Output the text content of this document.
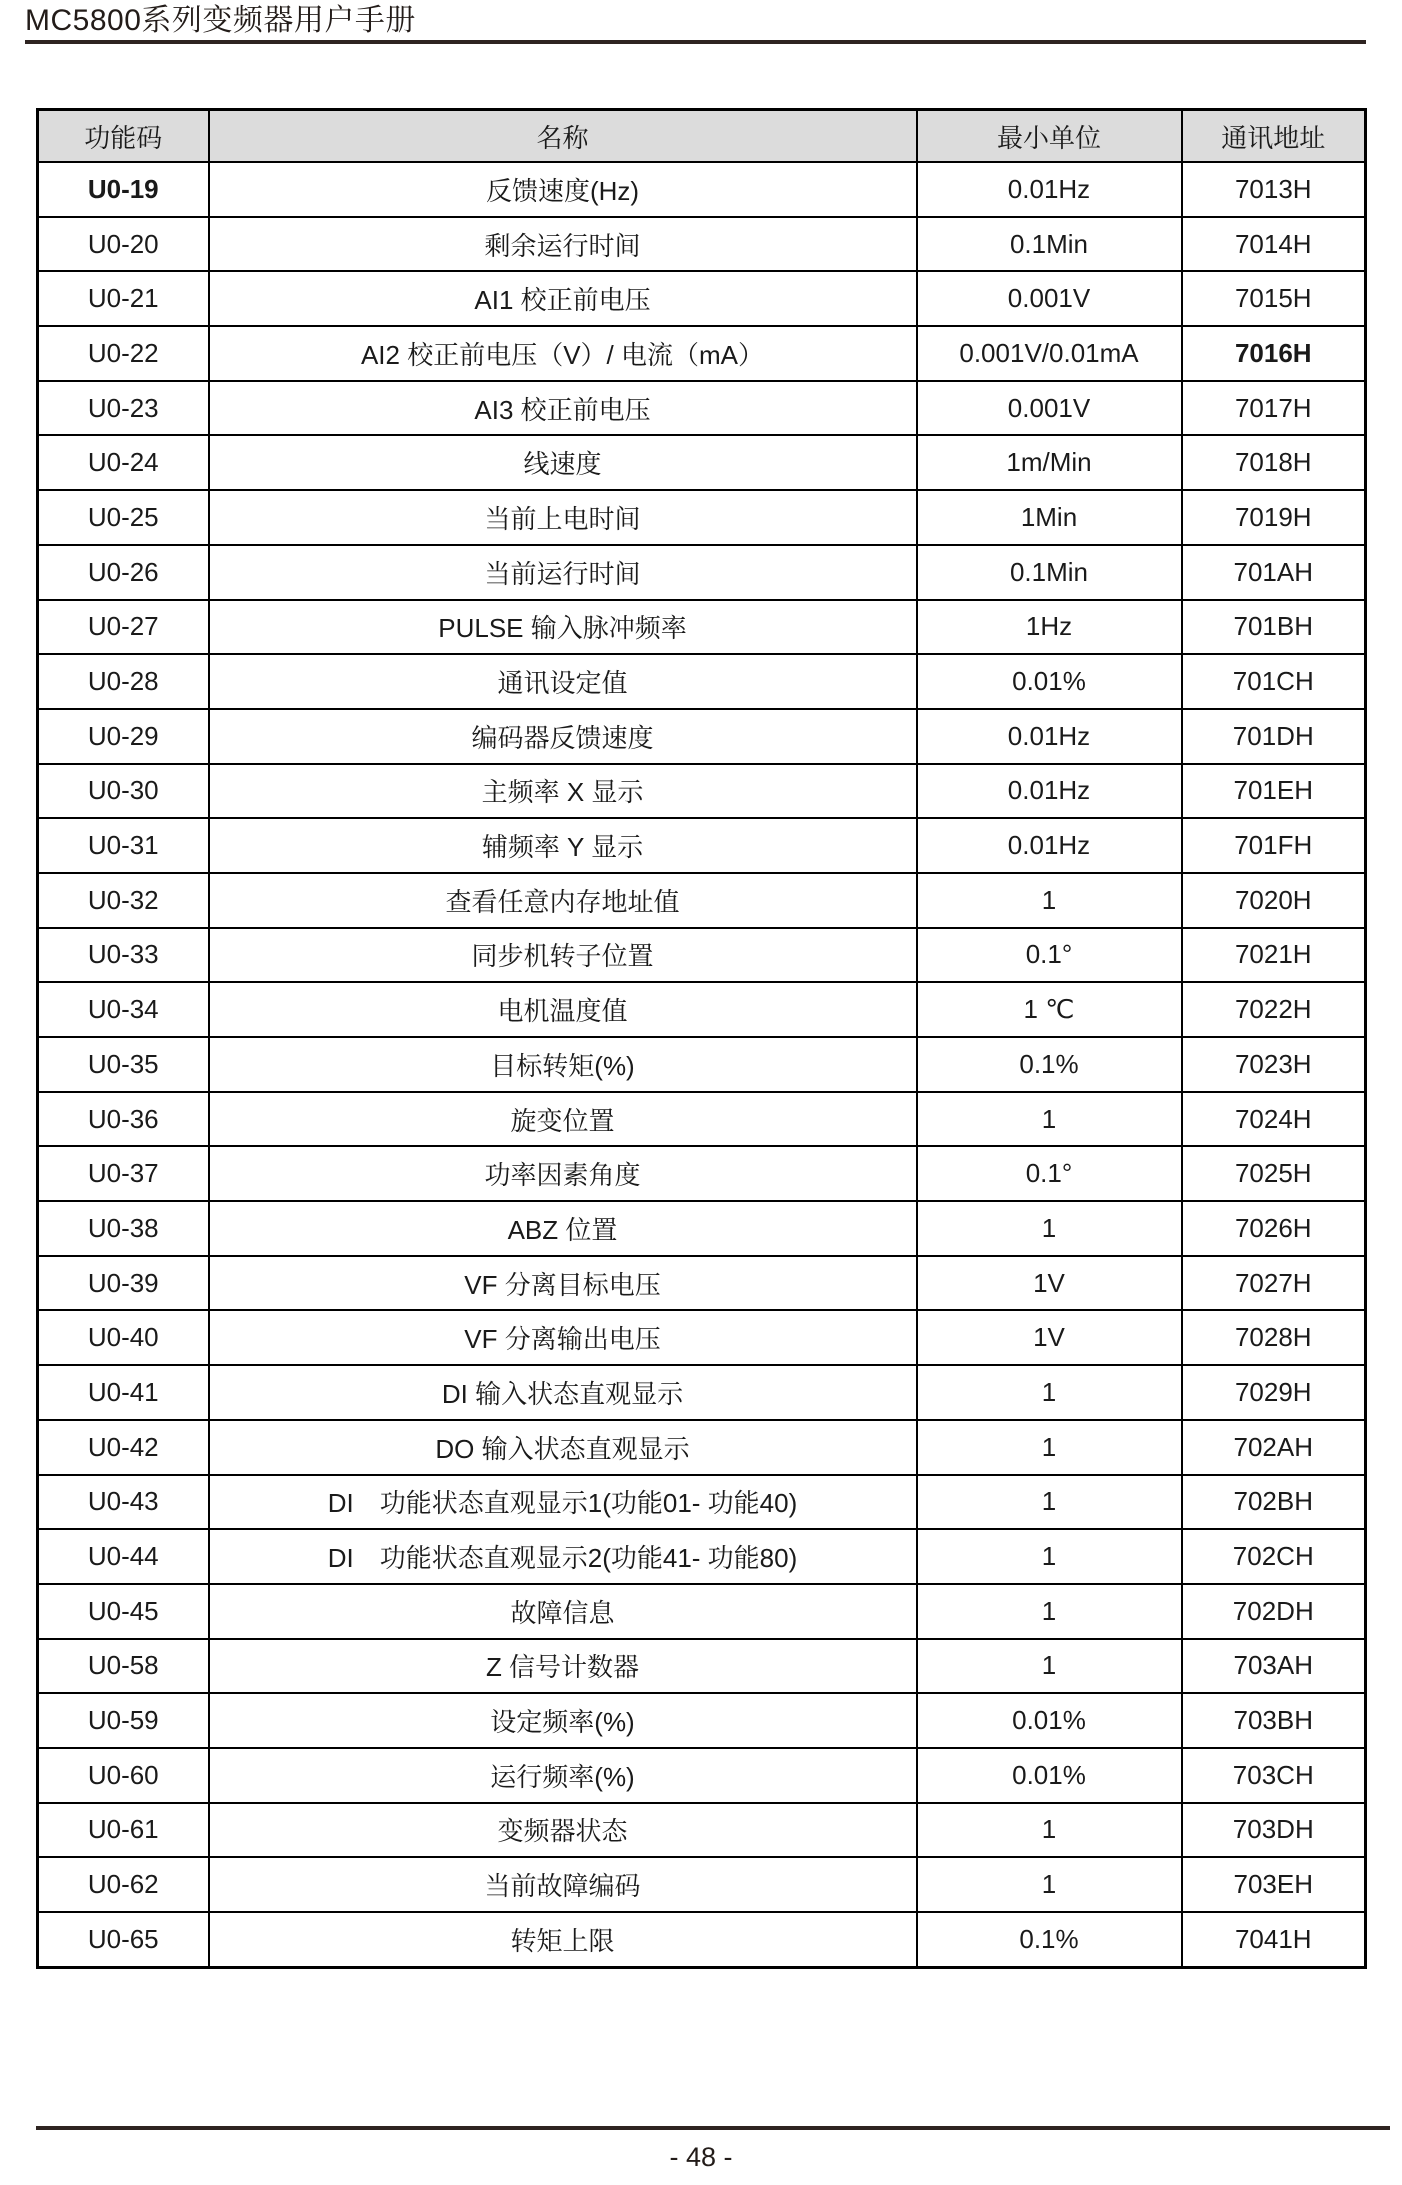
MC5800系列变频器用户手册
功能码	名称	最小单位	通讯地址
U0-19	反馈速度(Hz)	0.01Hz	7013H
U0-20	剩余运行时间	0.1Min	7014H
U0-21	AI1 校正前电压	0.001V	7015H
U0-22	AI2 校正前电压（V）/ 电流（mA）	0.001V/0.01mA	7016H
U0-23	AI3 校正前电压	0.001V	7017H
U0-24	线速度	1m/Min	7018H
U0-25	当前上电时间	1Min	7019H
U0-26	当前运行时间	0.1Min	701AH
U0-27	PULSE 输入脉冲频率	1Hz	701BH
U0-28	通讯设定值	0.01%	701CH
U0-29	编码器反馈速度	0.01Hz	701DH
U0-30	主频率 X 显示	0.01Hz	701EH
U0-31	辅频率 Y 显示	0.01Hz	701FH
U0-32	查看任意内存地址值	1	7020H
U0-33	同步机转子位置	0.1°	7021H
U0-34	电机温度值	1 ℃	7022H
U0-35	目标转矩(%)	0.1%	7023H
U0-36	旋变位置	1	7024H
U0-37	功率因素角度	0.1°	7025H
U0-38	ABZ 位置	1	7026H
U0-39	VF 分离目标电压	1V	7027H
U0-40	VF 分离输出电压	1V	7028H
U0-41	DI 输入状态直观显示	1	7029H
U0-42	DO 输入状态直观显示	1	702AH
U0-43	DI　功能状态直观显示1(功能01- 功能40)	1	702BH
U0-44	DI　功能状态直观显示2(功能41- 功能80)	1	702CH
U0-45	故障信息	1	702DH
U0-58	Z 信号计数器	1	703AH
U0-59	设定频率(%)	0.01%	703BH
U0-60	运行频率(%)	0.01%	703CH
U0-61	变频器状态	1	703DH
U0-62	当前故障编码	1	703EH
U0-65	转矩上限	0.1%	7041H
- 48 -
